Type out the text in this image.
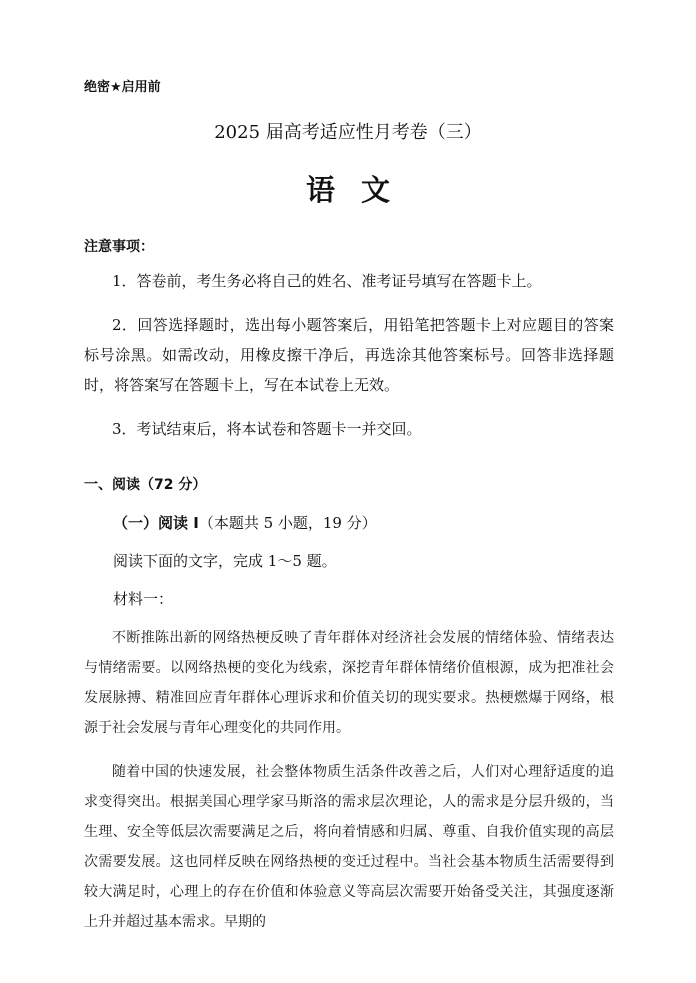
绝密★启用前
2025 届高考适应性月考卷（三）
语文
注意事项：

1．答卷前，考生务必将自己的姓名、准考证号填写在答题卡上。

2．回答选择题时，选出每小题答案后，用铅笔把答题卡上对应题目的答案标号涂黑。如需改动，用橡皮擦干净后，再选涂其他答案标号。回答非选择题时，将答案写在答题卡上，写在本试卷上无效。

3．考试结束后，将本试卷和答题卡一并交回。

一、阅读（72 分）
（一）阅读 Ⅰ（本题共 5 小题，19 分）
阅读下面的文字，完成 1～5 题。
材料一：

不断推陈出新的网络热梗反映了青年群体对经济社会发展的情绪体验、情绪表达与情绪需要。以网络热梗的变化为线索，深挖青年群体情绪价值根源，成为把准社会发展脉搏、精准回应青年群体心理诉求和价值关切的现实要求。热梗燃爆于网络，根源于社会发展与青年心理变化的共同作用。

随着中国的快速发展，社会整体物质生活条件改善之后，人们对心理舒适度的追求变得突出。根据美国心理学家马斯洛的需求层次理论，人的需求是分层升级的，当生理、安全等低层次需要满足之后，将向着情感和归属、尊重、自我价值实现的高层次需要发展。这也同样反映在网络热梗的变迁过程中。当社会基本物质生活需要得到较大满足时，心理上的存在价值和体验意义等高层次需要开始备受关注，其强度逐渐上升并超过基本需求。早期的
